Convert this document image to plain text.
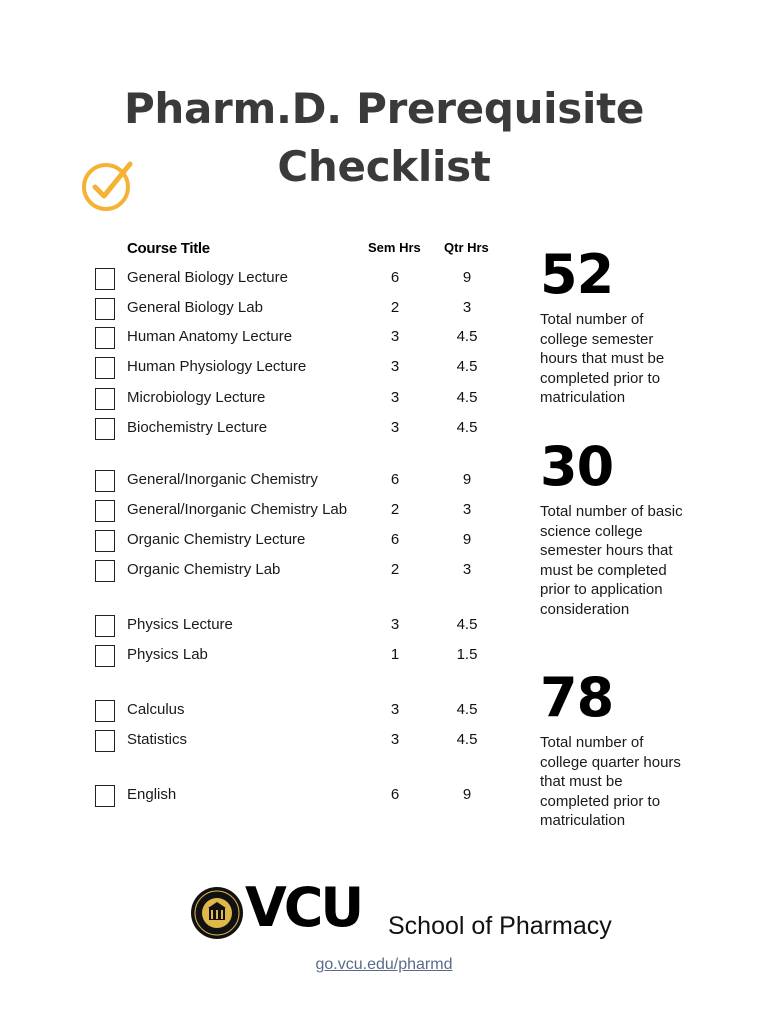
Pharm.D. Prerequisite
Checklist
Course Title	Sem Hrs Qtr Hrs
General Biology Lecture	6	9
General Biology Lab	2	3
Human Anatomy Lecture	3	4.5
Human Physiology Lecture	3	4.5
Microbiology Lecture	3	4.5
Biochemistry Lecture	3	4.5
General/Inorganic Chemistry	6	9
General/Inorganic Chemistry Lab	2	3
Organic Chemistry Lecture	6	9
Organic Chemistry Lab	2	3
Physics Lecture	3	4.5
Physics Lab	1	1.5
Calculus	3	4.5
Statistics	3	4.5
English	6	9
52
Total number of college semester hours that must be completed prior to matriculation
30
Total number of basic science college semester hours that must be completed prior to application consideration
78
Total number of college quarter hours that must be completed prior to matriculation
VCU School of Pharmacy
go.vcu.edu/pharmd
